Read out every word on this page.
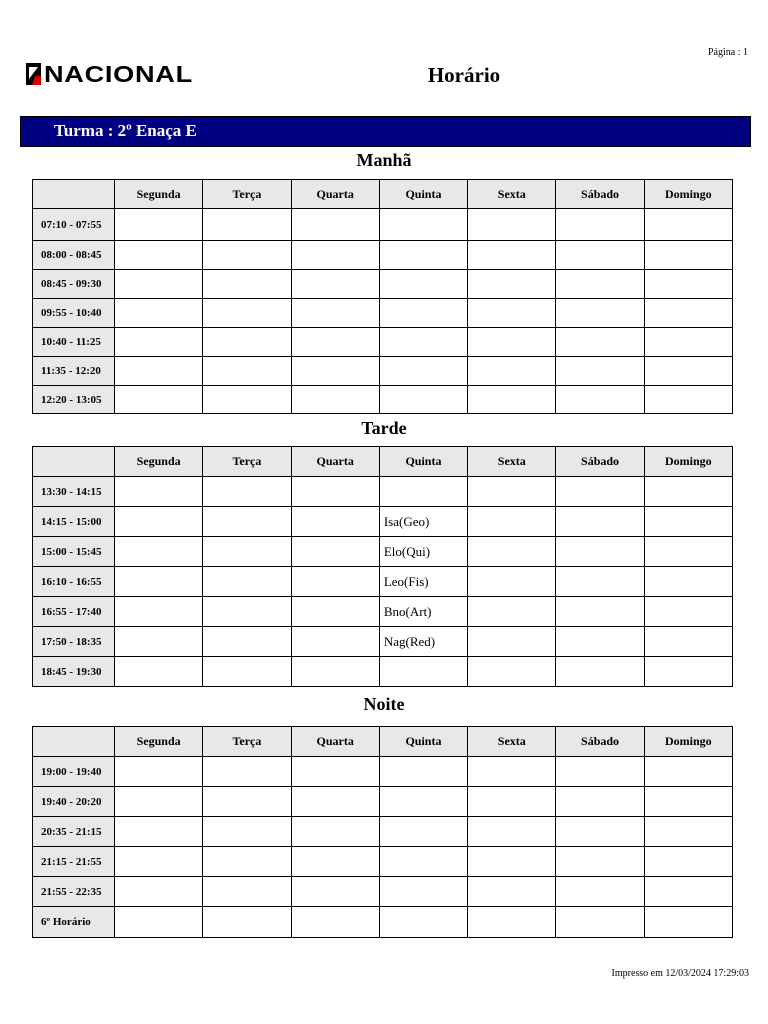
NACIONAL
Página : 1
Horário
Turma : 2º Enaça E
Manhã
	Segunda	Terça	Quarta	Quinta	Sexta	Sábado	Domingo
07:10 - 07:55							
08:00 - 08:45							
08:45 - 09:30							
09:55 - 10:40							
10:40 - 11:25							
11:35 - 12:20							
12:20 - 13:05							
Tarde
	Segunda	Terça	Quarta	Quinta	Sexta	Sábado	Domingo
13:30 - 14:15							
14:15 - 15:00				Isa(Geo)			
15:00 - 15:45				Elo(Qui)			
16:10 - 16:55				Leo(Fis)			
16:55 - 17:40				Bno(Art)			
17:50 - 18:35				Nag(Red)			
18:45 - 19:30							
Noite
	Segunda	Terça	Quarta	Quinta	Sexta	Sábado	Domingo
19:00 - 19:40							
19:40 - 20:20							
20:35 - 21:15							
21:15 - 21:55							
21:55 - 22:35							
6º Horário							
Impresso em 12/03/2024 17:29:03
